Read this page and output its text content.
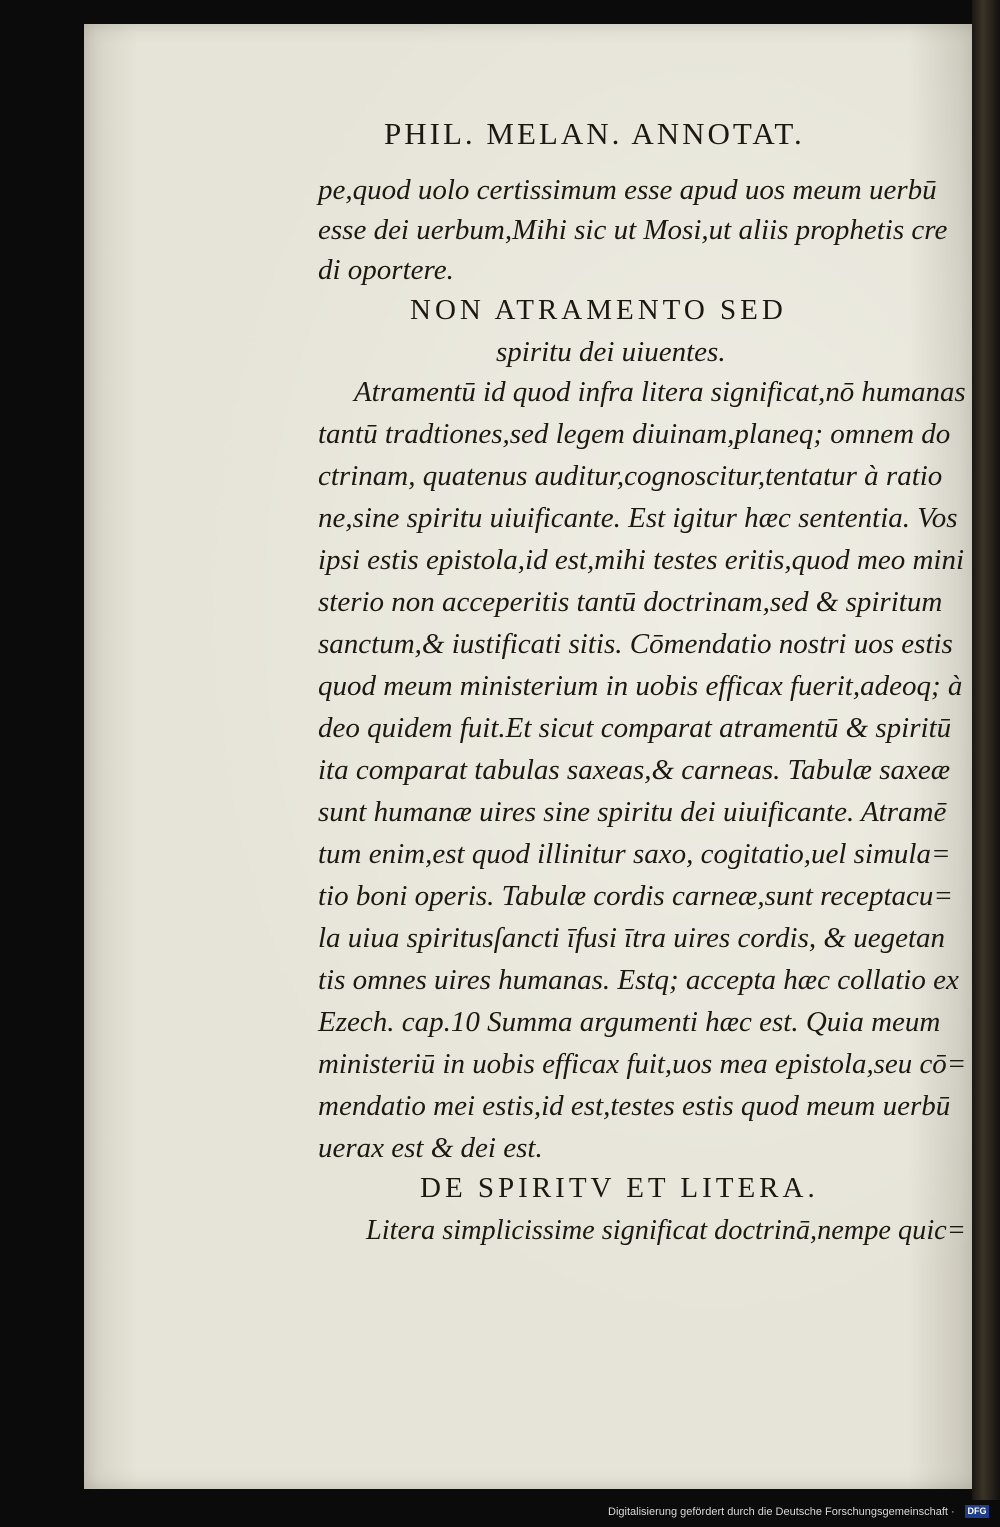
PHIL. MELAN. ANNOTAT.
pe,quod uolo certissimum esse apud uos meum uerbū
esse dei uerbum,Mihi sic ut Mosi,ut aliis prophetis cre
di oportere.
NON ATRAMENTO SED
spiritu dei uiuentes.
Atramentū id quod infra litera significat,nō humanas
tantū tradtiones,sed legem diuinam,planeq; omnem do
ctrinam, quatenus auditur,cognoscitur,tentatur à ratio
ne,sine spiritu uiuificante. Est igitur hæc sententia. Vos
ipsi estis epistola,id est,mihi testes eritis,quod meo mini
sterio non acceperitis tantū doctrinam,sed & spiritum
sanctum,& iustificati sitis. Cōmendatio nostri uos estis
quod meum ministerium in uobis efficax fuerit,adeoq; à
deo quidem fuit.Et sicut comparat atramentū & spiritū
ita comparat tabulas saxeas,& carneas. Tabulæ saxeæ
sunt humanæ uires sine spiritu dei uiuificante. Atramē
tum enim,est quod illinitur saxo, cogitatio,uel simula=
tio boni operis. Tabulæ cordis carneæ,sunt receptacu=
la uiua spiritusſancti īfusi ītra uires cordis, & uegetan
tis omnes uires humanas. Estq; accepta hæc collatio ex
Ezech. cap.10 Summa argumenti hæc est. Quia meum
ministeriū in uobis efficax fuit,uos mea epistola,seu cō=
mendatio mei estis,id est,testes estis quod meum uerbū
uerax est & dei est.
DE SPIRITV ET LITERA.
Litera simplicissime significat doctrinā,nempe quic=
Digitalisierung gefördert durch die Deutsche Forschungsgemeinschaft · DFG
